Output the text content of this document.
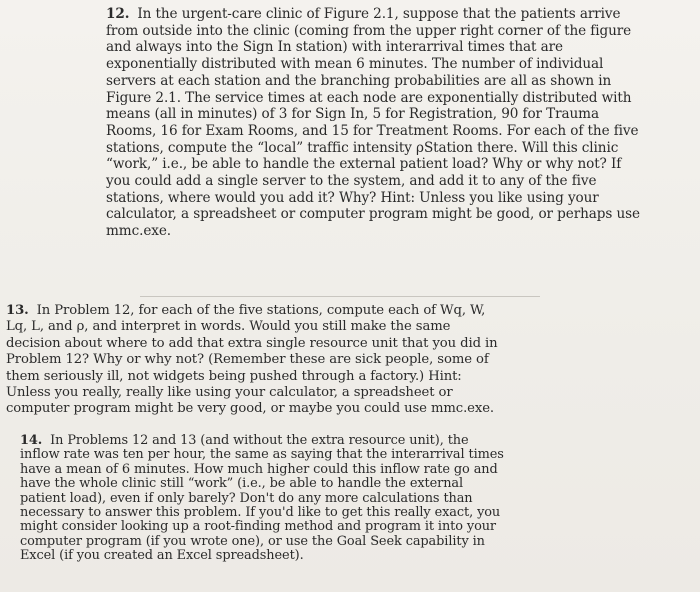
12. In the urgent-care clinic of Figure 2.1, suppose that the patients arrive from outside into the clinic (coming from the upper right corner of the figure and always into the Sign In station) with interarrival times that are exponentially distributed with mean 6 minutes. The number of individual servers at each station and the branching probabilities are all as shown in Figure 2.1. The service times at each node are exponentially distributed with means (all in minutes) of 3 for Sign In, 5 for Registration, 90 for Trauma Rooms, 16 for Exam Rooms, and 15 for Treatment Rooms. For each of the five stations, compute the “local” traffic intensity ρStation there. Will this clinic “work,” i.e., be able to handle the external patient load? Why or why not? If you could add a single server to the system, and add it to any of the five stations, where would you add it? Why? Hint: Unless you like using your calculator, a spreadsheet or computer program might be good, or perhaps use mmc.exe.
13. In Problem 12, for each of the five stations, compute each of Wq, W, Lq, L, and ρ, and interpret in words. Would you still make the same decision about where to add that extra single resource unit that you did in Problem 12? Why or why not? (Remember these are sick people, some of them seriously ill, not widgets being pushed through a factory.) Hint: Unless you really, really like using your calculator, a spreadsheet or computer program might be very good, or maybe you could use mmc.exe.
14. In Problems 12 and 13 (and without the extra resource unit), the inflow rate was ten per hour, the same as saying that the interarrival times have a mean of 6 minutes. How much higher could this inflow rate go and have the whole clinic still “work” (i.e., be able to handle the external patient load), even if only barely? Don't do any more calculations than necessary to answer this problem. If you'd like to get this really exact, you might consider looking up a root-finding method and program it into your computer program (if you wrote one), or use the Goal Seek capability in Excel (if you created an Excel spreadsheet).
